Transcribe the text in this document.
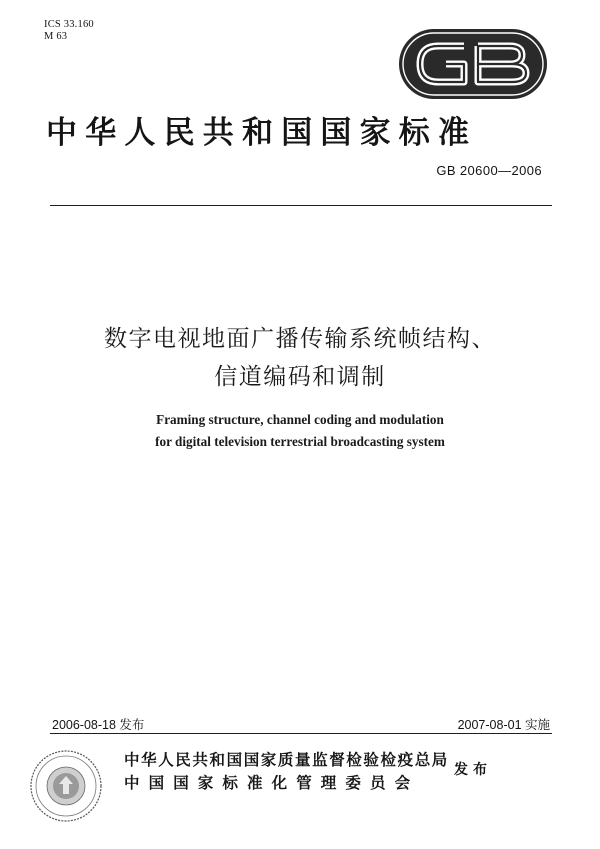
ICS 33.160
M 63
中华人民共和国国家标准
GB 20600—2006
数字电视地面广播传输系统帧结构、
信道编码和调制
Framing structure, channel coding and modulation
for digital television terrestrial broadcasting system
2006-08-18 发布	2007-08-01 实施
中华人民共和国国家质量监督检验检疫总局
中国国家标准化管理委员会
发布
